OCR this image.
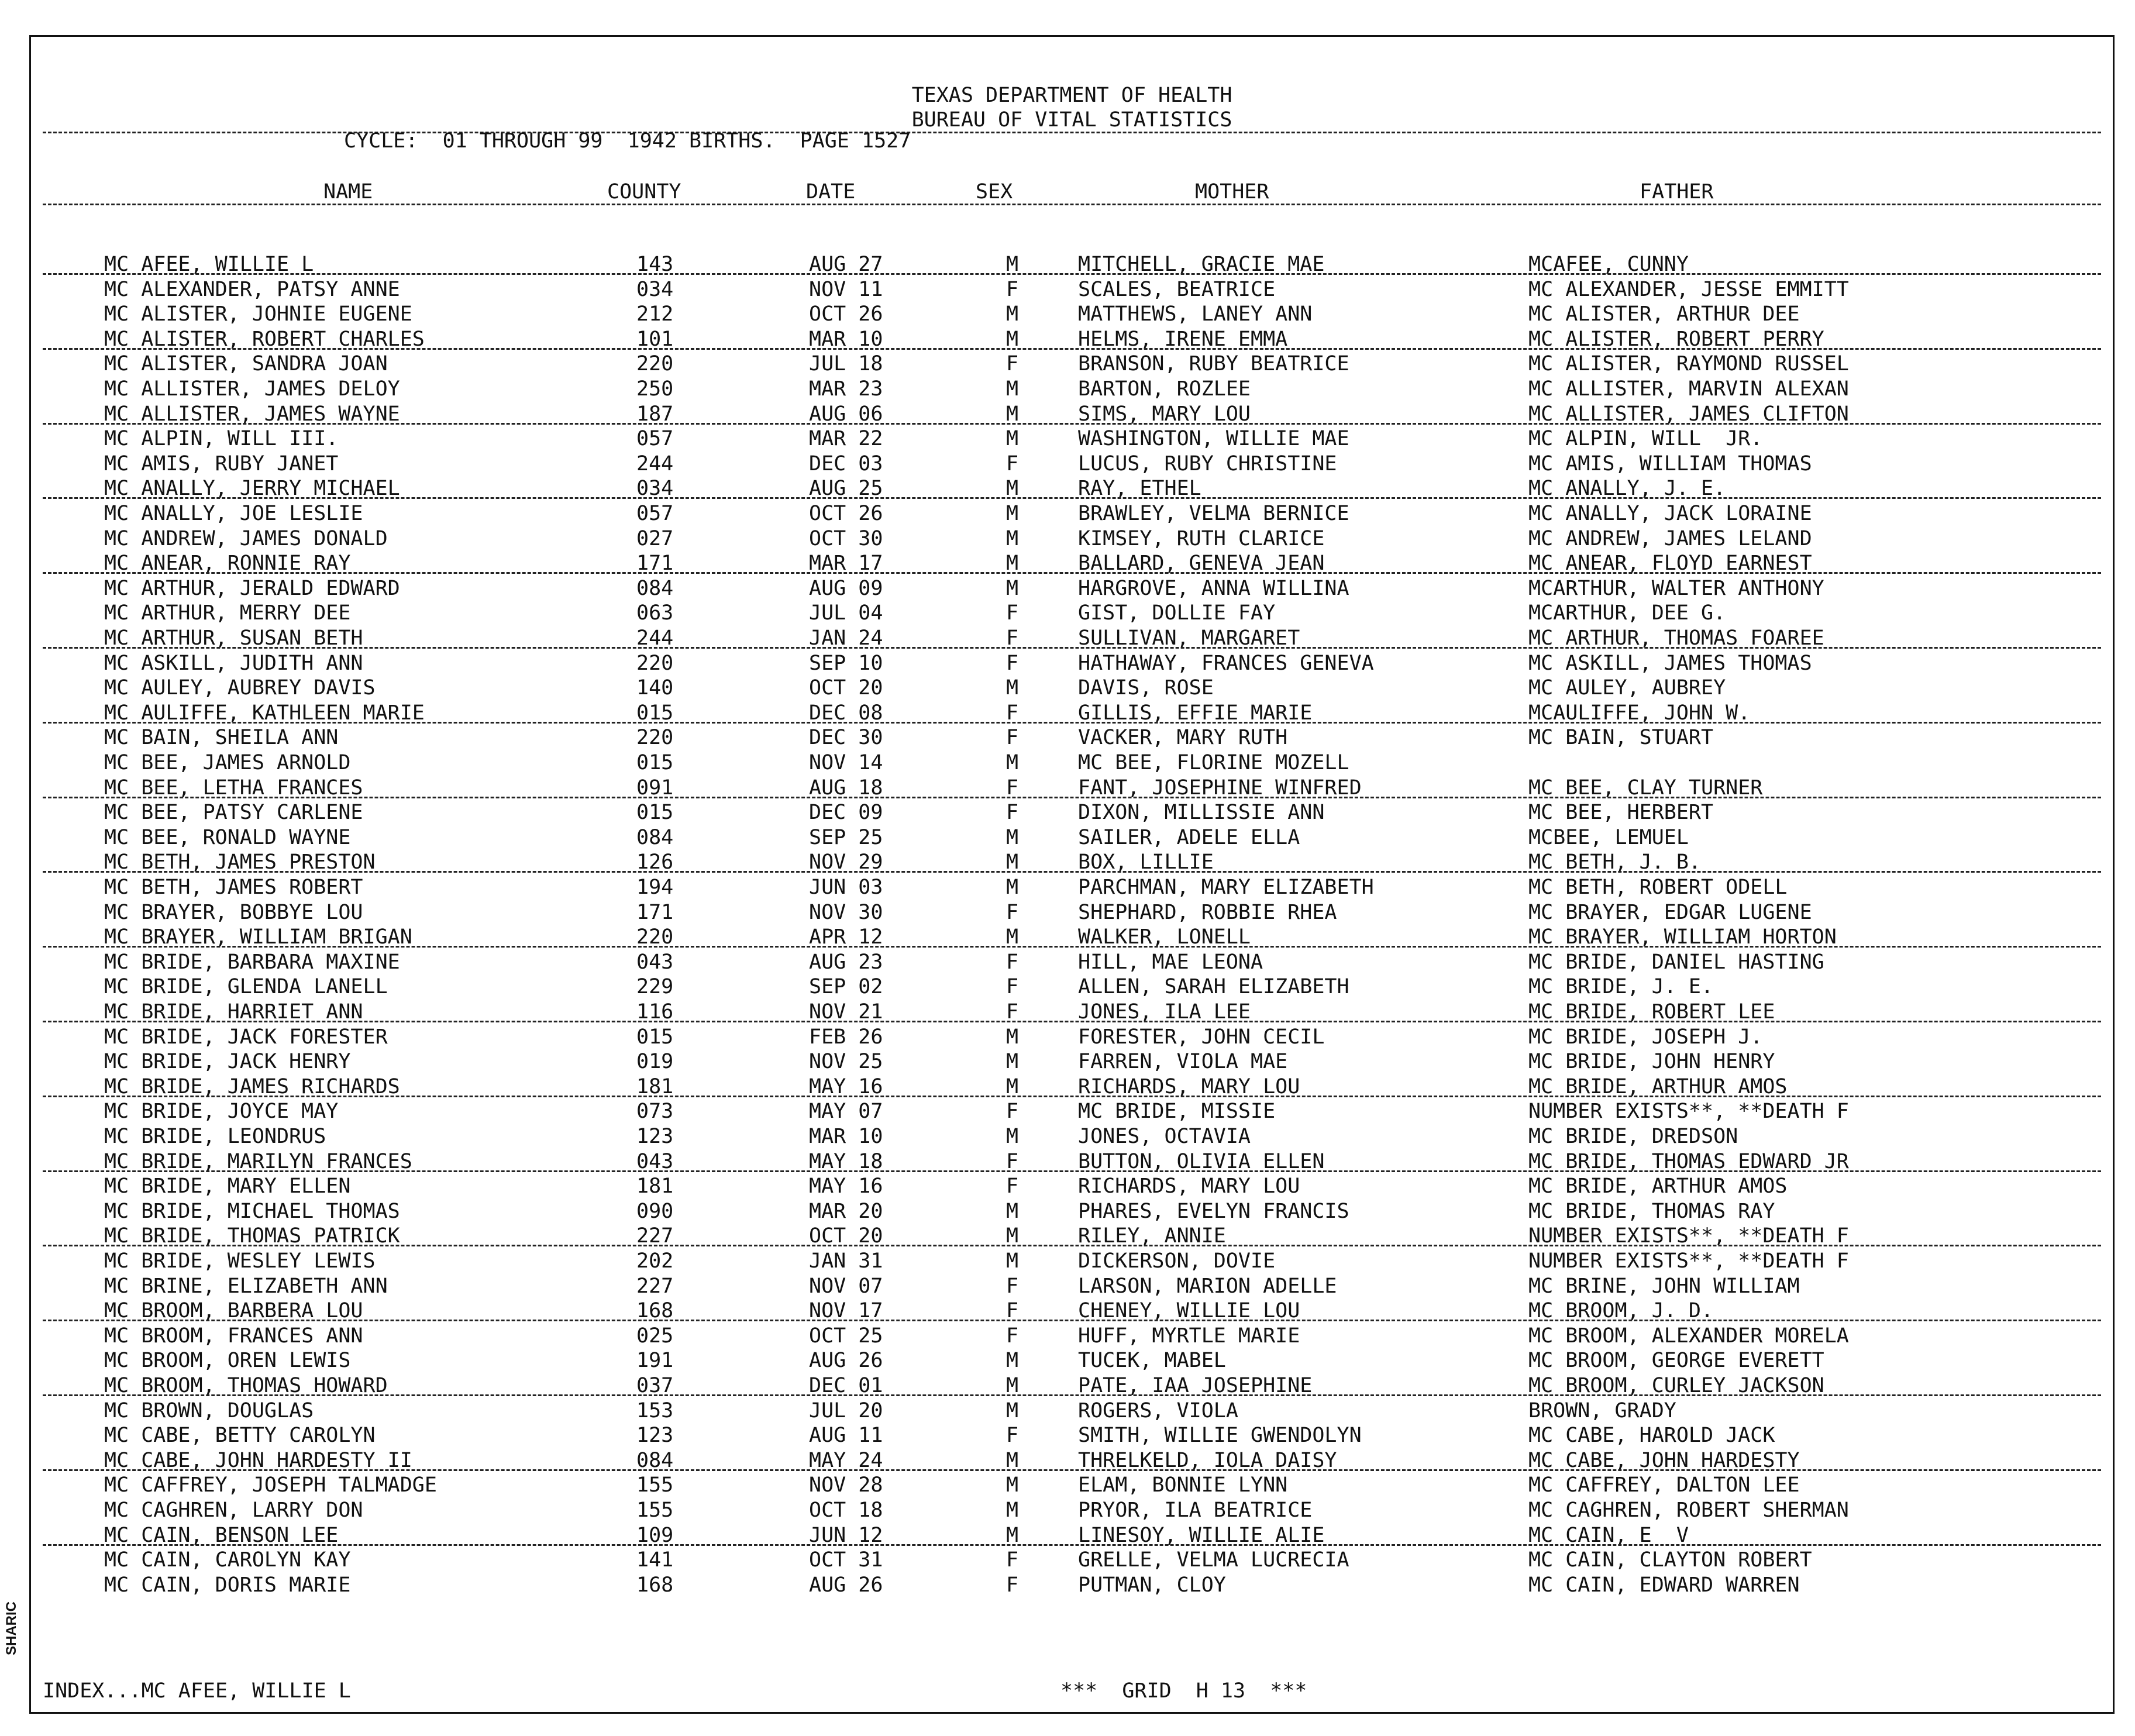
SHARIC
TEXAS DEPARTMENT OF HEALTH
BUREAU OF VITAL STATISTICS
CYCLE:  01 THROUGH 99  1942 BIRTHS.  PAGE 1527
NAME	COUNTY	DATE	SEX	MOTHER	FATHER
MC AFEE, WILLIE L	143	AUG 27	M	MITCHELL, GRACIE MAE	MCAFEE, CUNNY
MC ALEXANDER, PATSY ANNE	034	NOV 11	F	SCALES, BEATRICE	MC ALEXANDER, JESSE EMMITT
MC ALISTER, JOHNIE EUGENE	212	OCT 26	M	MATTHEWS, LANEY ANN	MC ALISTER, ARTHUR DEE
MC ALISTER, ROBERT CHARLES	101	MAR 10	M	HELMS, IRENE EMMA	MC ALISTER, ROBERT PERRY
MC ALISTER, SANDRA JOAN	220	JUL 18	F	BRANSON, RUBY BEATRICE	MC ALISTER, RAYMOND RUSSEL
MC ALLISTER, JAMES DELOY	250	MAR 23	M	BARTON, ROZLEE	MC ALLISTER, MARVIN ALEXAN
MC ALLISTER, JAMES WAYNE	187	AUG 06	M	SIMS, MARY LOU	MC ALLISTER, JAMES CLIFTON
MC ALPIN, WILL III.	057	MAR 22	M	WASHINGTON, WILLIE MAE	MC ALPIN, WILL  JR.
MC AMIS, RUBY JANET	244	DEC 03	F	LUCUS, RUBY CHRISTINE	MC AMIS, WILLIAM THOMAS
MC ANALLY, JERRY MICHAEL	034	AUG 25	M	RAY, ETHEL	MC ANALLY, J. E.
MC ANALLY, JOE LESLIE	057	OCT 26	M	BRAWLEY, VELMA BERNICE	MC ANALLY, JACK LORAINE
MC ANDREW, JAMES DONALD	027	OCT 30	M	KIMSEY, RUTH CLARICE	MC ANDREW, JAMES LELAND
MC ANEAR, RONNIE RAY	171	MAR 17	M	BALLARD, GENEVA JEAN	MC ANEAR, FLOYD EARNEST
MC ARTHUR, JERALD EDWARD	084	AUG 09	M	HARGROVE, ANNA WILLINA	MCARTHUR, WALTER ANTHONY
MC ARTHUR, MERRY DEE	063	JUL 04	F	GIST, DOLLIE FAY	MCARTHUR, DEE G.
MC ARTHUR, SUSAN BETH	244	JAN 24	F	SULLIVAN, MARGARET	MC ARTHUR, THOMAS FOAREE
MC ASKILL, JUDITH ANN	220	SEP 10	F	HATHAWAY, FRANCES GENEVA	MC ASKILL, JAMES THOMAS
MC AULEY, AUBREY DAVIS	140	OCT 20	M	DAVIS, ROSE	MC AULEY, AUBREY
MC AULIFFE, KATHLEEN MARIE	015	DEC 08	F	GILLIS, EFFIE MARIE	MCAULIFFE, JOHN W.
MC BAIN, SHEILA ANN	220	DEC 30	F	VACKER, MARY RUTH	MC BAIN, STUART
MC BEE, JAMES ARNOLD	015	NOV 14	M	MC BEE, FLORINE MOZELL
MC BEE, LETHA FRANCES	091	AUG 18	F	FANT, JOSEPHINE WINFRED	MC BEE, CLAY TURNER
MC BEE, PATSY CARLENE	015	DEC 09	F	DIXON, MILLISSIE ANN	MC BEE, HERBERT
MC BEE, RONALD WAYNE	084	SEP 25	M	SAILER, ADELE ELLA	MCBEE, LEMUEL
MC BETH, JAMES PRESTON	126	NOV 29	M	BOX, LILLIE	MC BETH, J. B.
MC BETH, JAMES ROBERT	194	JUN 03	M	PARCHMAN, MARY ELIZABETH	MC BETH, ROBERT ODELL
MC BRAYER, BOBBYE LOU	171	NOV 30	F	SHEPHARD, ROBBIE RHEA	MC BRAYER, EDGAR LUGENE
MC BRAYER, WILLIAM BRIGAN	220	APR 12	M	WALKER, LONELL	MC BRAYER, WILLIAM HORTON
MC BRIDE, BARBARA MAXINE	043	AUG 23	F	HILL, MAE LEONA	MC BRIDE, DANIEL HASTING
MC BRIDE, GLENDA LANELL	229	SEP 02	F	ALLEN, SARAH ELIZABETH	MC BRIDE, J. E.
MC BRIDE, HARRIET ANN	116	NOV 21	F	JONES, ILA LEE	MC BRIDE, ROBERT LEE
MC BRIDE, JACK FORESTER	015	FEB 26	M	FORESTER, JOHN CECIL	MC BRIDE, JOSEPH J.
MC BRIDE, JACK HENRY	019	NOV 25	M	FARREN, VIOLA MAE	MC BRIDE, JOHN HENRY
MC BRIDE, JAMES RICHARDS	181	MAY 16	M	RICHARDS, MARY LOU	MC BRIDE, ARTHUR AMOS
MC BRIDE, JOYCE MAY	073	MAY 07	F	MC BRIDE, MISSIE	NUMBER EXISTS**, **DEATH F
MC BRIDE, LEONDRUS	123	MAR 10	M	JONES, OCTAVIA	MC BRIDE, DREDSON
MC BRIDE, MARILYN FRANCES	043	MAY 18	F	BUTTON, OLIVIA ELLEN	MC BRIDE, THOMAS EDWARD JR
MC BRIDE, MARY ELLEN	181	MAY 16	F	RICHARDS, MARY LOU	MC BRIDE, ARTHUR AMOS
MC BRIDE, MICHAEL THOMAS	090	MAR 20	M	PHARES, EVELYN FRANCIS	MC BRIDE, THOMAS RAY
MC BRIDE, THOMAS PATRICK	227	OCT 20	M	RILEY, ANNIE	NUMBER EXISTS**, **DEATH F
MC BRIDE, WESLEY LEWIS	202	JAN 31	M	DICKERSON, DOVIE	NUMBER EXISTS**, **DEATH F
MC BRINE, ELIZABETH ANN	227	NOV 07	F	LARSON, MARION ADELLE	MC BRINE, JOHN WILLIAM
MC BROOM, BARBERA LOU	168	NOV 17	F	CHENEY, WILLIE LOU	MC BROOM, J. D.
MC BROOM, FRANCES ANN	025	OCT 25	F	HUFF, MYRTLE MARIE	MC BROOM, ALEXANDER MORELA
MC BROOM, OREN LEWIS	191	AUG 26	M	TUCEK, MABEL	MC BROOM, GEORGE EVERETT
MC BROOM, THOMAS HOWARD	037	DEC 01	M	PATE, IAA JOSEPHINE	MC BROOM, CURLEY JACKSON
MC BROWN, DOUGLAS	153	JUL 20	M	ROGERS, VIOLA	BROWN, GRADY
MC CABE, BETTY CAROLYN	123	AUG 11	F	SMITH, WILLIE GWENDOLYN	MC CABE, HAROLD JACK
MC CABE, JOHN HARDESTY II	084	MAY 24	M	THRELKELD, IOLA DAISY	MC CABE, JOHN HARDESTY
MC CAFFREY, JOSEPH TALMADGE	155	NOV 28	M	ELAM, BONNIE LYNN	MC CAFFREY, DALTON LEE
MC CAGHREN, LARRY DON	155	OCT 18	M	PRYOR, ILA BEATRICE	MC CAGHREN, ROBERT SHERMAN
MC CAIN, BENSON LEE	109	JUN 12	M	LINESOY, WILLIE ALIE	MC CAIN, E  V
MC CAIN, CAROLYN KAY	141	OCT 31	F	GRELLE, VELMA LUCRECIA	MC CAIN, CLAYTON ROBERT
MC CAIN, DORIS MARIE	168	AUG 26	F	PUTMAN, CLOY	MC CAIN, EDWARD WARREN
INDEX...MC AFEE, WILLIE L	***  GRID  H 13  ***
